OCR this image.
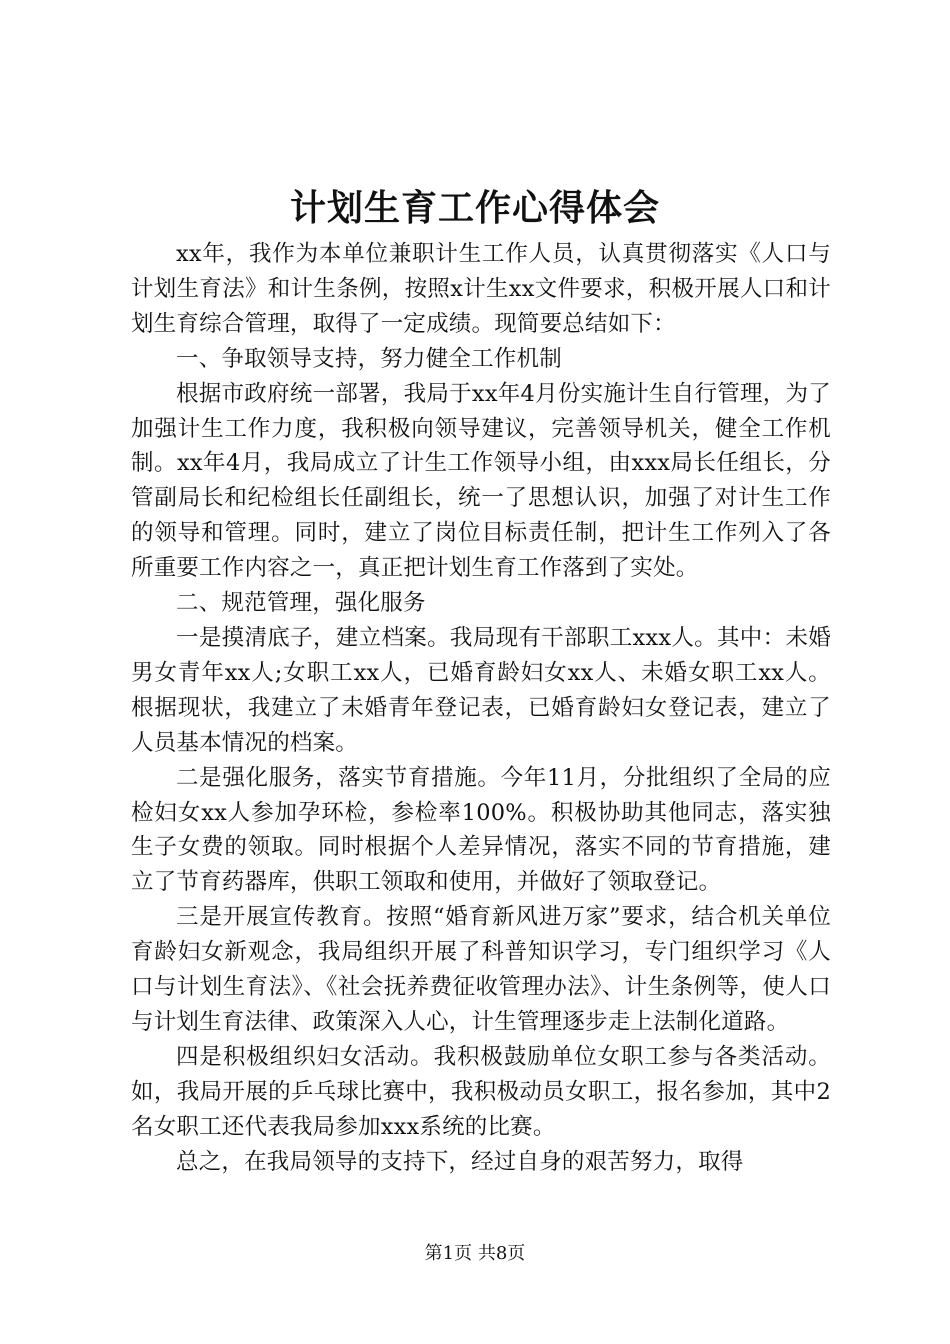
计划生育工作心得体会

xx年，我作为本单位兼职计生工作人员，认真贯彻落实《人口与计划生育法》和计生条例，按照x计生xx文件要求，积极开展人口和计划生育综合管理，取得了一定成绩。现简要总结如下：

一、争取领导支持，努力健全工作机制

根据市政府统一部署，我局于xx年4月份实施计生自行管理，为了加强计生工作力度，我积极向领导建议，完善领导机关，健全工作机制。xx年4月，我局成立了计生工作领导小组，由xxx局长任组长，分管副局长和纪检组长任副组长，统一了思想认识，加强了对计生工作的领导和管理。同时，建立了岗位目标责任制，把计生工作列入了各所重要工作内容之一，真正把计划生育工作落到了实处。

二、规范管理，强化服务

一是摸清底子，建立档案。我局现有干部职工xxx人。其中：未婚男女青年xx人;女职工xx人，已婚育龄妇女xx人、未婚女职工xx人。根据现状，我建立了未婚青年登记表，已婚育龄妇女登记表，建立了人员基本情况的档案。

二是强化服务，落实节育措施。今年11月，分批组织了全局的应检妇女xx人参加孕环检，参检率100%。积极协助其他同志，落实独生子女费的领取。同时根据个人差异情况，落实不同的节育措施，建立了节育药器库，供职工领取和使用，并做好了领取登记。

三是开展宣传教育。按照“婚育新风进万家”要求，结合机关单位育龄妇女新观念，我局组织开展了科普知识学习，专门组织学习《人口与计划生育法》、《社会抚养费征收管理办法》、计生条例等，使人口与计划生育法律、政策深入人心，计生管理逐步走上法制化道路。

四是积极组织妇女活动。我积极鼓励单位女职工参与各类活动。如，我局开展的乒乓球比赛中，我积极动员女职工，报名参加，其中2名女职工还代表我局参加xxx系统的比赛。

总之，在我局领导的支持下，经过自身的艰苦努力，取得

第1页 共8页
